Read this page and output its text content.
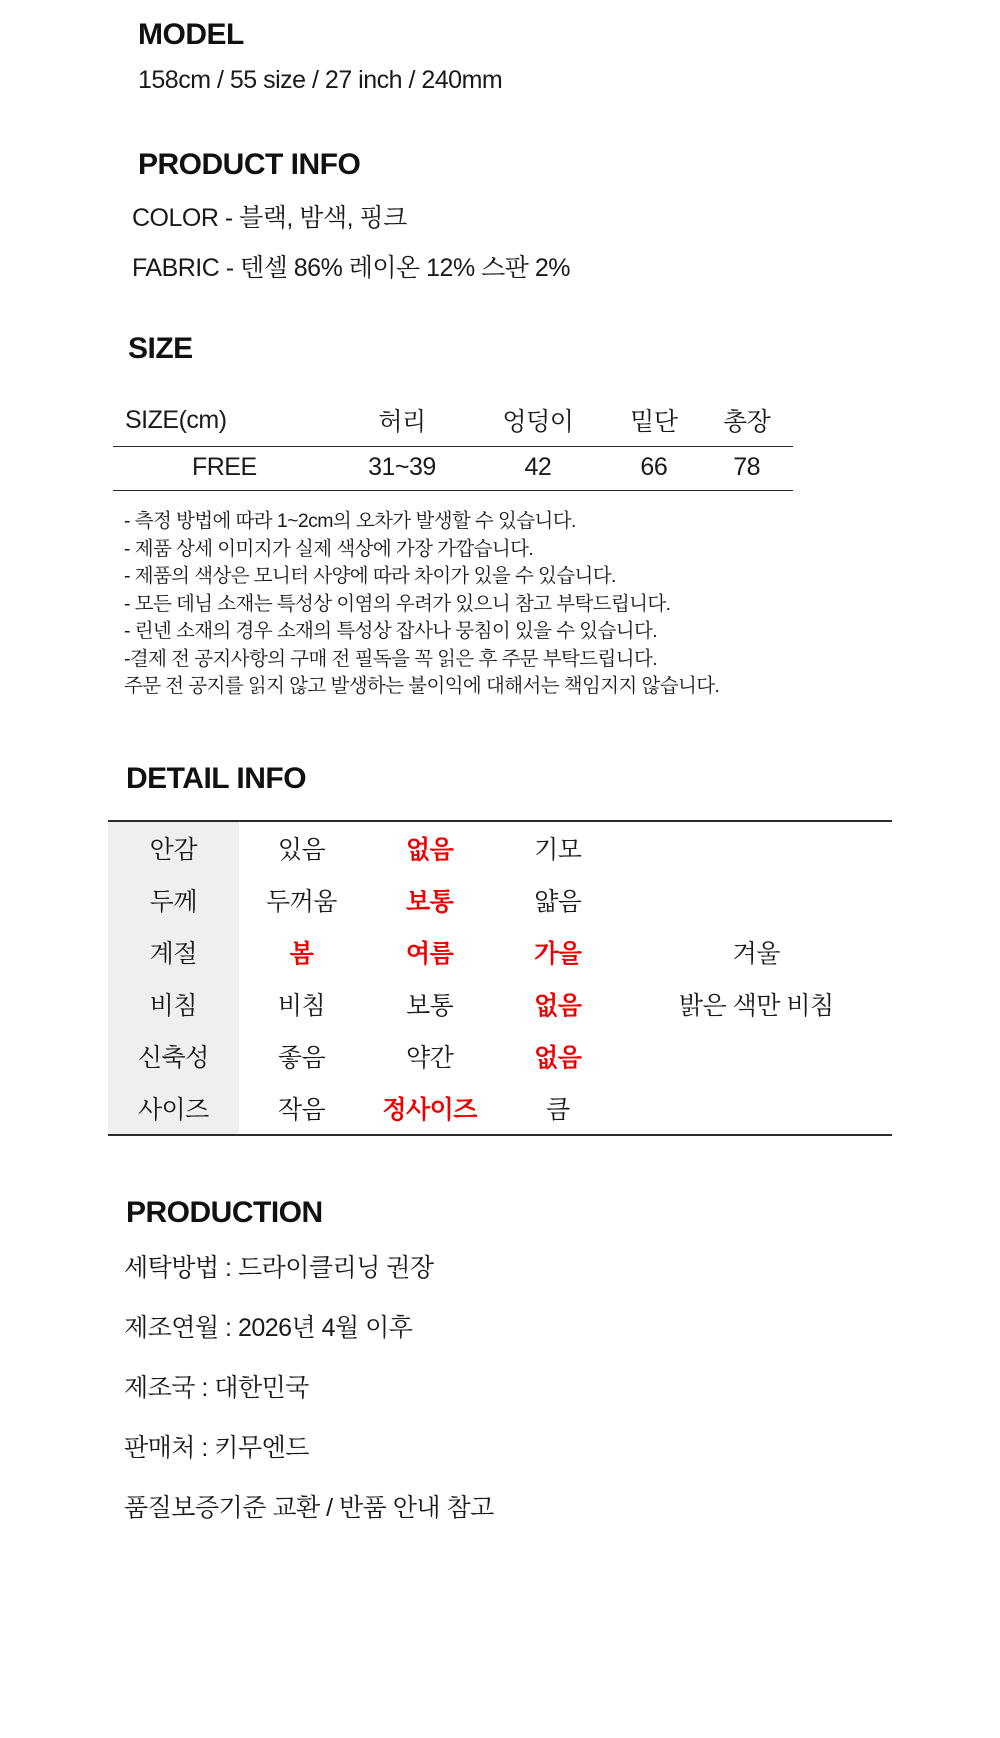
MODEL
158cm / 55 size / 27 inch / 240mm
PRODUCT INFO
COLOR - 블랙, 밤색, 핑크
FABRIC - 텐셀 86% 레이온 12% 스판 2%
SIZE
SIZE(cm)	허리	엉덩이	밑단	총장
FREE	31~39	42	66	78
- 측정 방법에 따라 1~2cm의 오차가 발생할 수 있습니다.
- 제품 상세 이미지가 실제 색상에 가장 가깝습니다.
- 제품의 색상은 모니터 사양에 따라 차이가 있을 수 있습니다.
- 모든 데님 소재는 특성상 이염의 우려가 있으니 참고 부탁드립니다.
- 린넨 소재의 경우 소재의 특성상 잡사나 뭉침이 있을 수 있습니다.
-결제 전 공지사항의 구매 전 필독을 꼭 읽은 후 주문 부탁드립니다.
주문 전 공지를 읽지 않고 발생하는 불이익에 대해서는 책임지지 않습니다.
DETAIL INFO
안감	있음	없음	기모	
두께	두꺼움	보통	얇음	
계절	봄	여름	가을	겨울
비침	비침	보통	없음	밝은 색만 비침
신축성	좋음	약간	없음	
사이즈	작음	정사이즈	큼	
PRODUCTION
세탁방법 : 드라이클리닝 권장
제조연월 : 2026년 4월 이후
제조국 : 대한민국
판매처 : 키무엔드
품질보증기준 교환 / 반품 안내 참고
